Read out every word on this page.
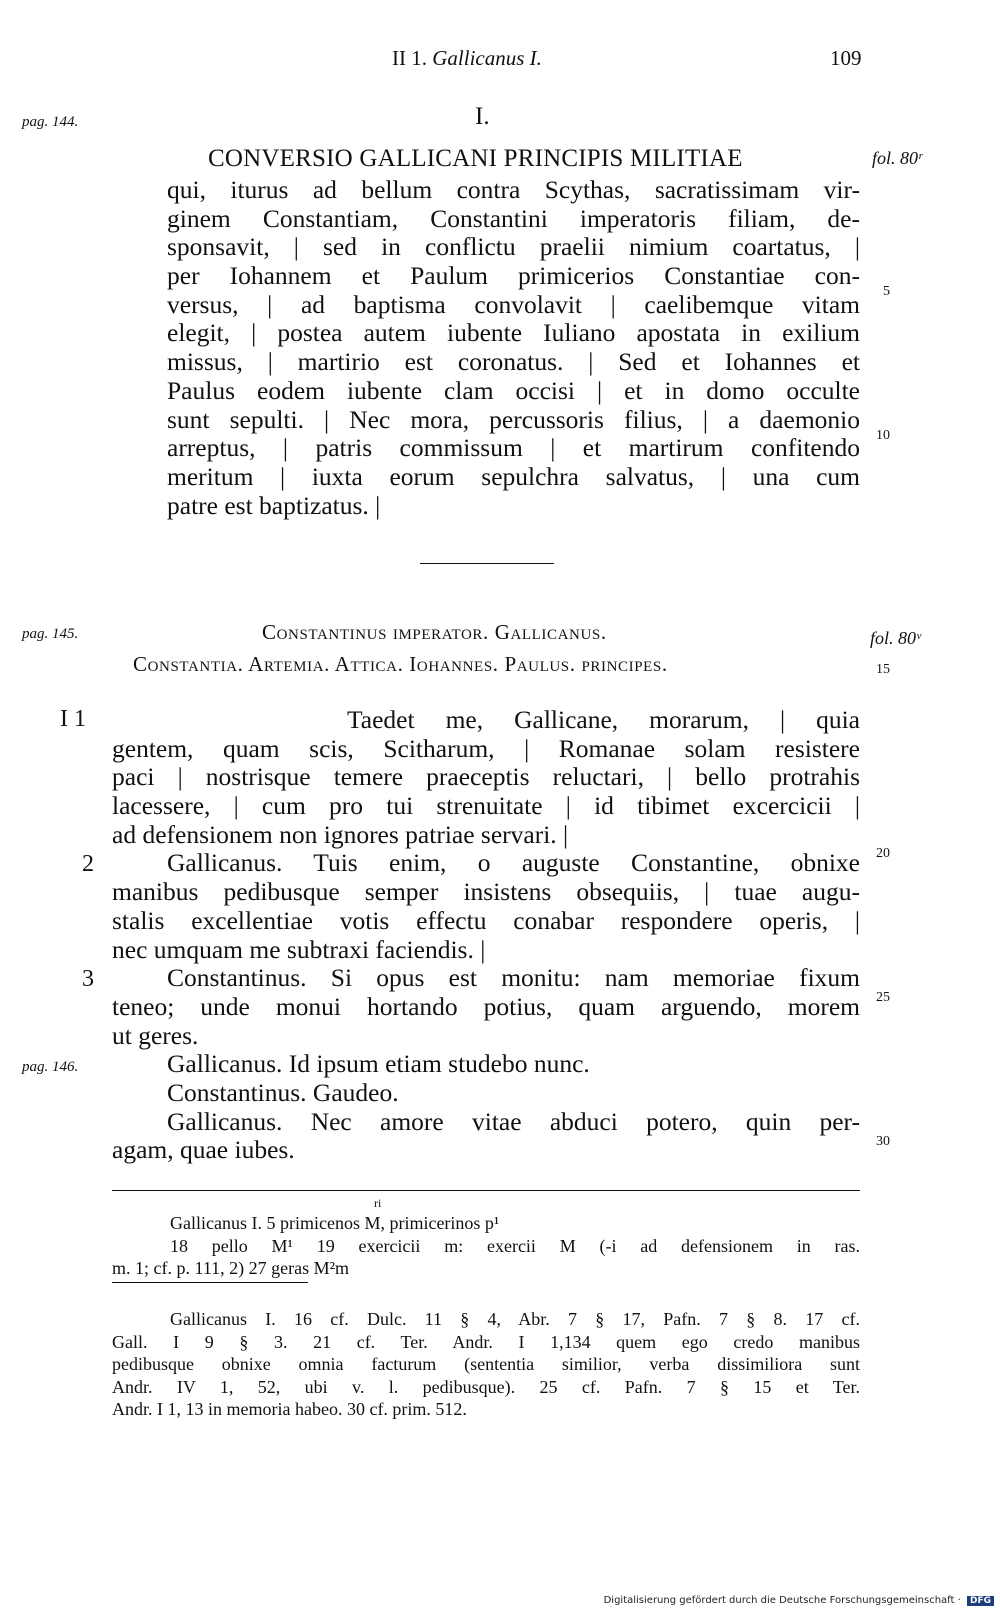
II 1. Gallicanus I.	109
pag. 144.
fol. 80ʳ
pag. 145.	fol. 80ᵛ
pag. 146.
I.
CONVERSIO GALLICANI PRINCIPIS MILITIAE
qui, iturus ad bellum contra Scythas, sacratissimam vir-
ginem Constantiam, Constantini imperatoris filiam, de-
sponsavit, | sed in conflictu praelii nimium coartatus, |
per Iohannem et Paulum primicerios Constantiae con-
versus, | ad baptisma convolavit | caelibemque vitam
elegit, | postea autem iubente Iuliano apostata in exilium
missus, | martirio est coronatus. | Sed et Iohannes et
Paulus eodem iubente clam occisi | et in domo occulte
sunt sepulti. | Nec mora, percussoris filius, | a daemonio
arreptus, | patris commissum | et martirum confitendo
meritum | iuxta eorum sepulchra salvatus, | una cum
patre est baptizatus. |
5
10
Constantinus imperator. Gallicanus.
Constantia. Artemia. Attica. Iohannes. Paulus. principes.	15
I 1
2
3
Taedet me, Gallicane, morarum, | quia
gentem, quam scis, Scitharum, | Romanae solam resistere
paci | nostrisque temere praeceptis reluctari, | bello protrahis
lacessere, | cum pro tui strenuitate | id tibimet excercicii |
ad defensionem non ignores patriae servari. |
Gallicanus. Tuis enim, o auguste Constantine, obnixe
manibus pedibusque semper insistens obsequiis, | tuae augu-
stalis excellentiae votis effectu conabar respondere operis, |
nec umquam me subtraxi faciendis. |
Constantinus. Si opus est monitu: nam memoriae fixum
teneo; unde monui hortando potius, quam arguendo, morem
ut geres.
Gallicanus. Id ipsum etiam studebo nunc.
Constantinus. Gaudeo.
Gallicanus. Nec amore vitae abduci potero, quin per-
agam, quae iubes.
20
25
30
ri
Gallicanus I. 5 primicenos M, primicerinos p¹
18 pello M¹ 19 exercicii m: exercii M (-i ad defensionem in ras.
m. 1; cf. p. 111, 2) 27 geras M²m
Gallicanus I. 16 cf. Dulc. 11 § 4, Abr. 7 § 17, Pafn. 7 § 8. 17 cf.
Gall. I 9 § 3. 21 cf. Ter. Andr. I 1,134 quem ego credo manibus
pedibusque obnixe omnia facturum (sententia similior, verba dissimiliora sunt
Andr. IV 1, 52, ubi v. l. pedibusque). 25 cf. Pafn. 7 § 15 et Ter.
Andr. I 1, 13 in memoria habeo. 30 cf. prim. 512.
Digitalisierung gefördert durch die Deutsche Forschungsgemeinschaft · DFG
